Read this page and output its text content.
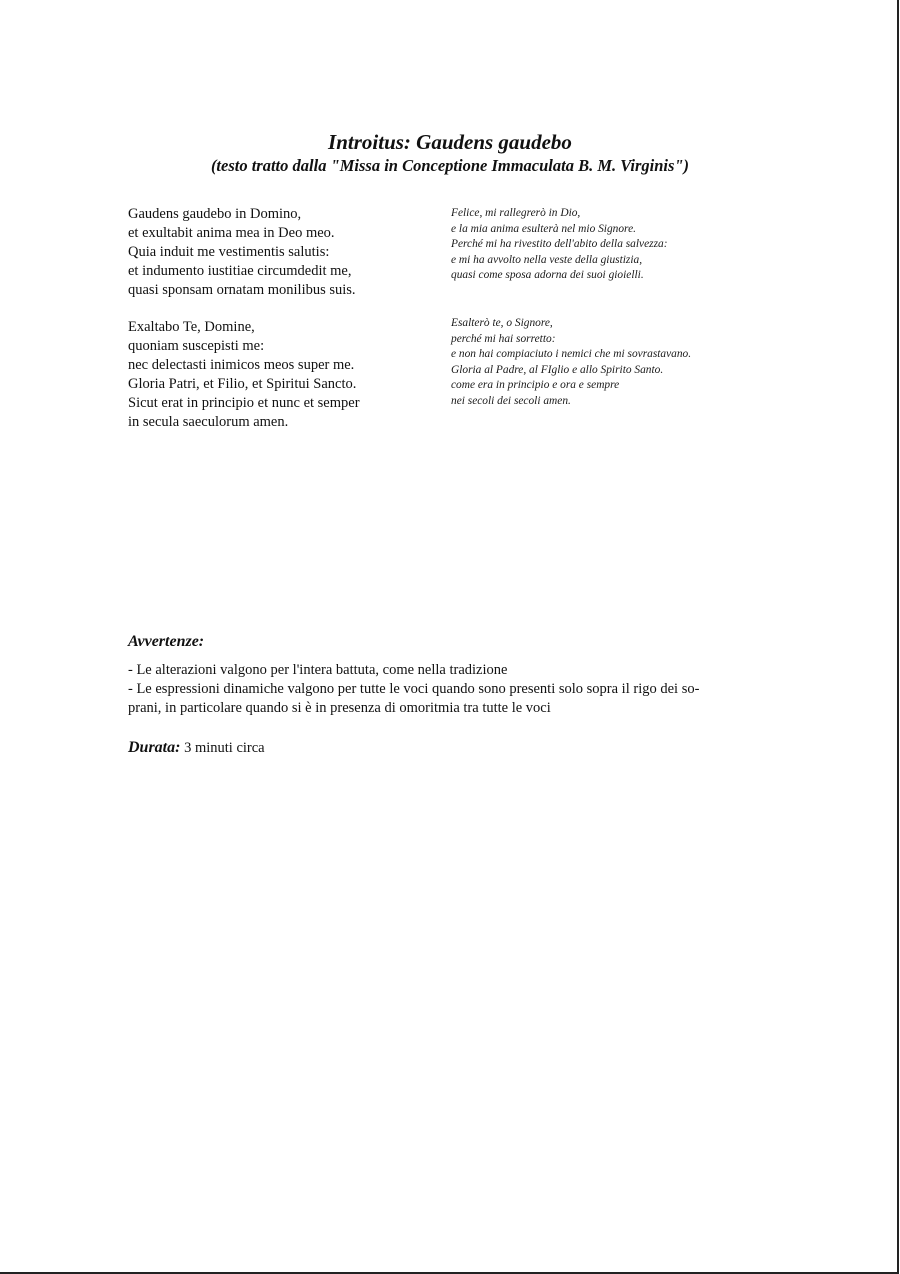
Introitus: Gaudens gaudebo
(testo tratto dalla "Missa in Conceptione Immaculata B. M. Virginis")

Gaudens gaudebo in Domino,
et exultabit anima mea in Deo meo.
Quia induit me vestimentis salutis:
et indumento iustitiae circumdedit me,
quasi sponsam ornatam monilibus suis.

Exaltabo Te, Domine,
quoniam suscepisti me:
nec delectasti inimicos meos super me.
Gloria Patri, et Filio, et Spiritui Sancto.
Sicut erat in principio et nunc et semper
in secula saeculorum amen.

Felice, mi rallegrerò in Dio,
e la mia anima esulterà nel mio Signore.
Perché mi ha rivestito dell'abito della salvezza:
e mi ha avvolto nella veste della giustizia,
quasi come sposa adorna dei suoi gioielli.

Esalterò te, o Signore,
perché mi hai sorretto:
e non hai compiaciuto i nemici che mi sovrastavano.
Gloria al Padre, al FIglio e allo Spirito Santo.
come era in principio e ora e sempre
nei secoli dei secoli amen.

Avvertenze:
- Le alterazioni valgono per l'intera battuta, come nella tradizione
- Le espressioni dinamiche valgono per tutte le voci quando sono presenti solo sopra il rigo dei so-
prani, in particolare quando si è in presenza di omoritmia tra tutte le voci
Durata: 3 minuti circa
